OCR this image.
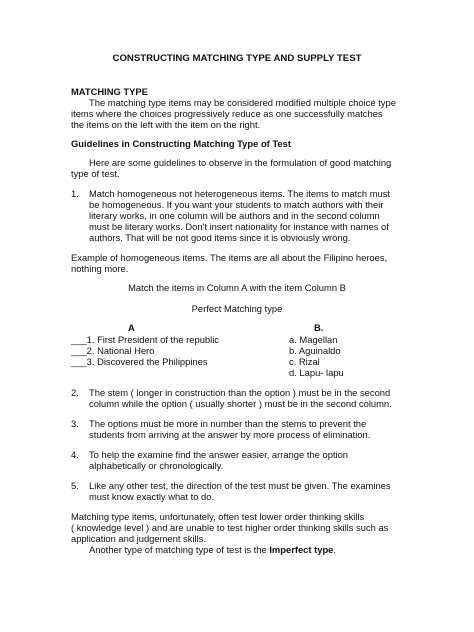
CONSTRUCTING MATCHING TYPE AND SUPPLY TEST
MATCHING TYPE
The matching type items may be considered modified multiple choice type
items where the choices progressively reduce as one successfully matches
the items on the left with the item on the right.
Guidelines in Constructing Matching Type of Test
Here are some guidelines to observe in the formulation of good matching
type of test.
1. Match homogeneous not heterogeneous items. The items to match must
be homogeneous. If you want your students to match authors with their
literary works, in one column will be authors and in the second column
must be literary works. Don't insert nationality for instance with names of
authors. That will be not good items since it is obviously wrong.
Example of homogeneous items. The items are all about the Filipino heroes,
nothing more.
Match the items in Column A with the item Column B
Perfect Matching type
A	B.
___1. First President of the republic
___2. National Hero
___3. Discovered the Philippines
a. Magellan
b. Aguinaldo
c. Rizal
d. Lapu- lapu
2. The stem ( longer in construction than the option ) must be in the second
column while the option ( usually shorter ) must be in the second column.
3. The options must be more in number than the stems to prevent the
students from arriving at the answer by more process of elimination.
4. To help the examine find the answer easier, arrange the option
alphabetically or chronologically.
5. Like any other test, the direction of the test must be given. The examines
must know exactly what to do.
Matching type items, unfortunately, often test lower order thinking skills
( knowledge level ) and are unable to test higher order thinking skills such as
application and judgement skills.
Another type of matching type of test is the Imperfect type.
